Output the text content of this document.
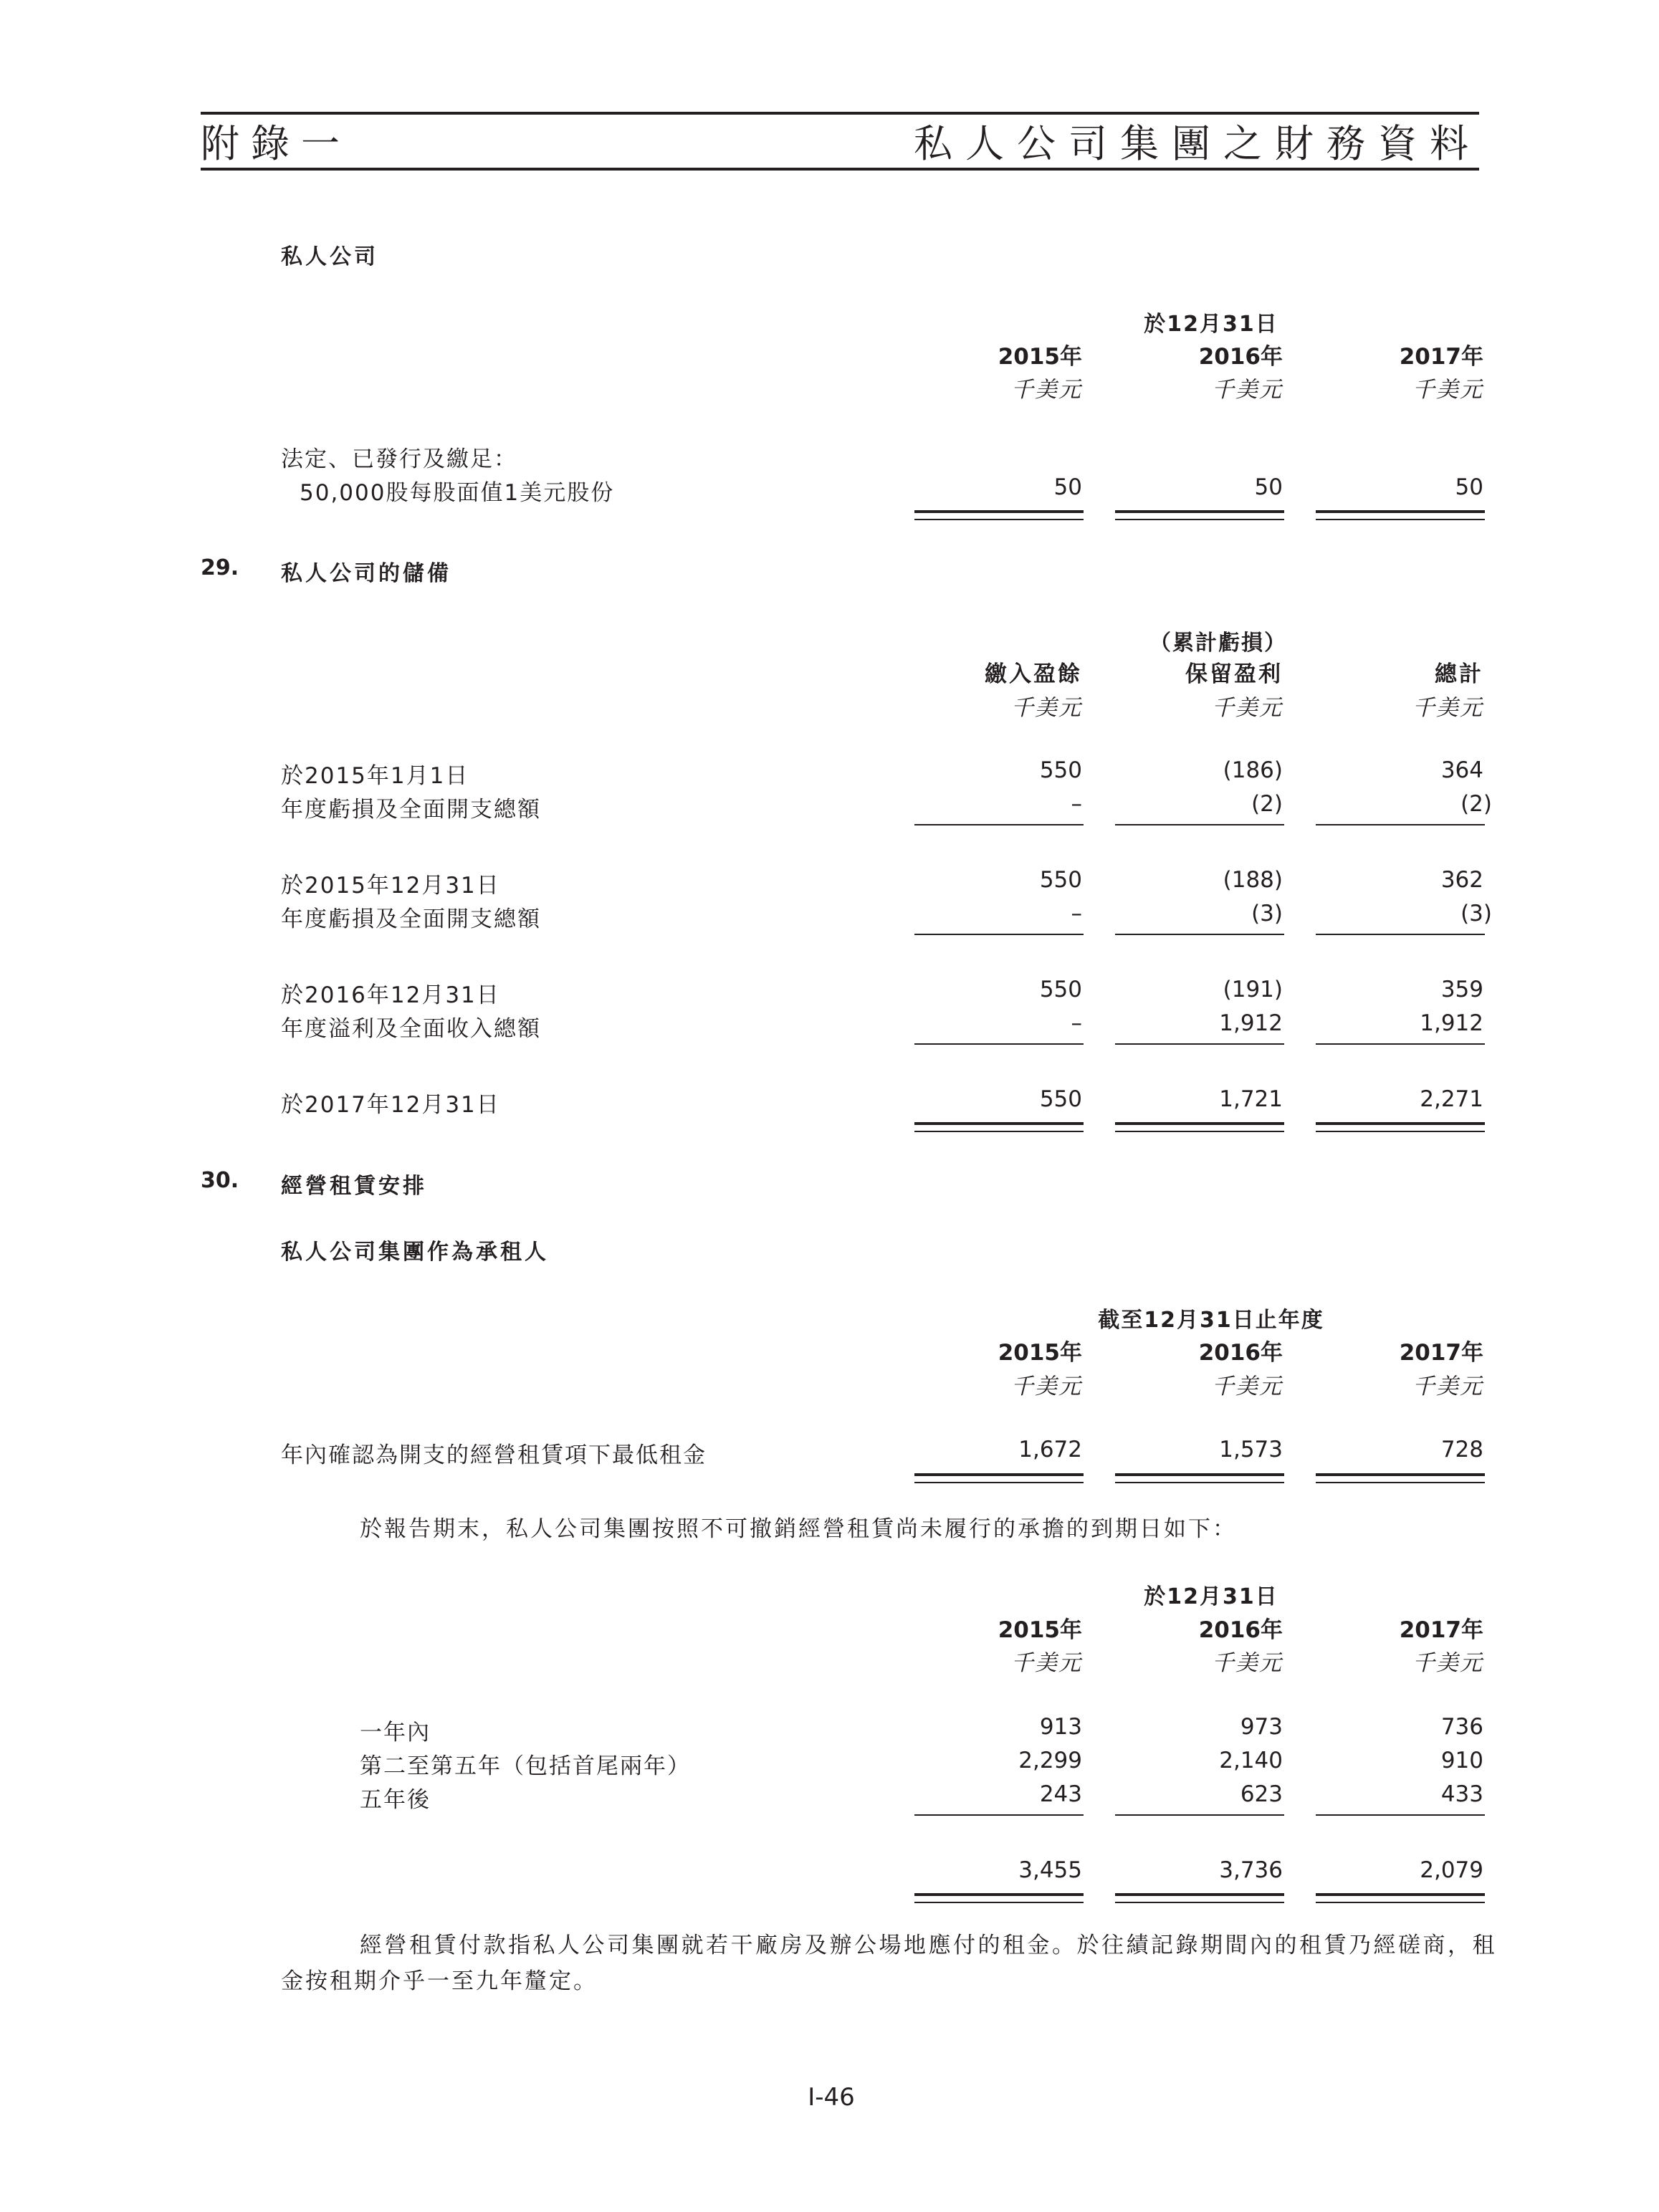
附錄一	私人公司集團之財務資料
私人公司
於12月31日
2015年	2016年	2017年
千美元	千美元	千美元
法定、已發行及繳足：
50,000股每股面值1美元股份	50	50	50
29. 私人公司的儲備
（累計虧損）
繳入盈餘	保留盈利	總計
千美元	千美元	千美元
於2015年1月1日	550	(186)	364
年度虧損及全面開支總額	–	(2)	(2)
於2015年12月31日	550	(188)	362
年度虧損及全面開支總額	–	(3)	(3)
於2016年12月31日	550	(191)	359
年度溢利及全面收入總額	–	1,912	1,912
於2017年12月31日	550	1,721	2,271
30. 經營租賃安排
私人公司集團作為承租人
截至12月31日止年度
2015年	2016年	2017年
千美元	千美元	千美元
年內確認為開支的經營租賃項下最低租金	1,672	1,573	728
於報告期末，私人公司集團按照不可撤銷經營租賃尚未履行的承擔的到期日如下：
於12月31日
2015年	2016年	2017年
千美元	千美元	千美元
一年內	913	973	736
第二至第五年（包括首尾兩年）	2,299	2,140	910
五年後	243	623	433
3,455	3,736	2,079
經營租賃付款指私人公司集團就若干廠房及辦公場地應付的租金。於往績記錄期間內的租賃乃經磋商，租
金按租期介乎一至九年釐定。
I-46
